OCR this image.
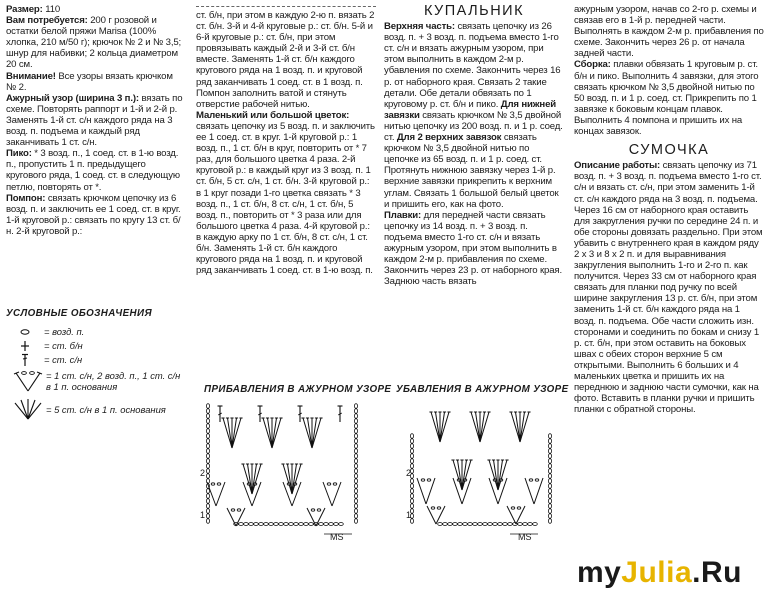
Размер: 110

Вам потребуется: 200 г розовой и остатки белой пряжи Marisa (100% хлопка, 210 м/50 г); крючок № 2 и № 3,5; шнур для набивки; 2 кольца диаметром 20 см.

Внимание! Все узоры вязать крючком № 2.

Ажурный узор (ширина 3 п.): вязать по схеме. Повторять раппорт и 1-й и 2-й р. Заменять 1-й ст. с/н каждого ряда на 3 возд. п. подъема и каждый ряд заканчивать 1 ст. с/н.

Пико: * 3 возд. п., 1 соед. ст. в 1-ю возд. п., пропустить 1 п. предыдущего кругового ряда, 1 соед. ст. в следующую петлю, повторять от *.

Помпон: связать крючком цепочку из 6 возд. п. и заключить ее 1 соед. ст. в круг. 1-й круговой р.: связать по кругу 13 ст. б/н. 2-й круговой р.:

УСЛОВНЫЕ ОБОЗНАЧЕНИЯ
= возд. п.
= ст. б/н
= ст. с/н
= 1 ст. с/н, 2 возд. п., 1 ст. с/н в 1 п. основания
= 5 ст. с/н в 1 п. основания

ст. б/н, при этом в каждую 2-ю п. вязать 2 ст. б/н. 3-й и 4-й круговые р.: ст. б/н. 5-й и 6-й круговые р.: ст. б/н, при этом провязывать каждый 2-й и 3-й ст. б/н вместе. Заменять 1-й ст. б/н каждого кругового ряда на 1 возд. п. и круговой ряд заканчивать 1 соед. ст. в 1 возд. п. Помпон заполнить ватой и стянуть отверстие рабочей нитью.

Маленький или большой цветок: связать цепочку из 5 возд. п. и заключить ее 1 соед. ст. в круг. 1-й круговой р.: 1 возд. п., 1 ст. б/н в круг, повторить от * 7 раз, для большого цветка 4 раза. 2-й круговой р.: в каждый круг из 3 возд. п. 1 ст. б/н, 5 ст. с/н, 1 ст. б/н. 3-й круговой р.: в 1 круг позади 1-го цветка связать * 3 возд. п., 1 ст. б/н, 8 ст. с/н, 1 ст. б/н, 5 возд. п., повторить от * 3 раза или для большого цветка 4 раза. 4-й круговой р.: в каждую арку по 1 ст. б/н, 8 ст. с/н, 1 ст. б/н. Заменять 1-й ст. б/н каждого кругового ряда на 1 возд. п. и круговой ряд заканчивать 1 соед. ст. в 1-ю возд. п.

КУПАЛЬНИК

Верхняя часть: связать цепочку из 26 возд. п. + 3 возд. п. подъема вместо 1-го ст. с/н и вязать ажурным узором, при этом выполнить в каждом 2-м р. убавления по схеме. Закончить через 16 р. от наборного края. Связать 2 такие детали. Обе детали обвязать по 1 круговому р. ст. б/н и пико. Для нижней завязки связать крючком № 3,5 двойной нитью цепочку из 200 возд. п. и 1 р. соед. ст. Для 2 верхних завязок связать крючком № 3,5 двойной нитью по цепочке из 65 возд. п. и 1 р. соед. ст. Протянуть нижнюю завязку через 1-й р. верхние завязки прикрепить к верхним углам. Связать 1 большой белый цветок и пришить его, как на фото.

Плавки: для передней части связать цепочку из 14 возд. п. + 3 возд. п. подъема вместо 1-го ст. с/н и вязать ажурным узором, при этом выполнить в каждом 2-м р. прибавления по схеме. Закончить через 23 р. от наборного края. Заднюю часть вязать

ажурным узором, начав со 2-го р. схемы и связав его в 1-й р. передней части. Выполнять в каждом 2-м р. прибавления по схеме. Закончить через 26 р. от начала задней части.

Сборка: плавки обвязать 1 круговым р. ст. б/н и пико. Выполнить 4 завязки, для этого связать крючком № 3,5 двойной нитью по 50 возд. п. и 1 р. соед. ст. Прикрепить по 1 завязке к боковым концам плавок. Выполнить 4 помпона и пришить их на концах завязок.

СУМОЧКА

Описание работы: связать цепочку из 71 возд. п. + 3 возд. п. подъема вместо 1-го ст. с/н и вязать ст. с/н, при этом заменить 1-й ст. с/н каждого ряда на 3 возд. п. подъема. Через 16 см от наборного края оставить для закругления ручки по середине 24 п. и обе стороны довязать раздельно. При этом убавить с внутреннего края в каждом ряду 2 х 3 и 8 х 2 п. и для выравнивания закругления выполнить 1-го и 2-го п. как получится. Через 33 см от наборного края связать для планки под ручку по всей ширине закругления 13 р. ст. б/н, при этом заменить 1-й ст. б/н каждого ряда на 1 возд. п. подъема. Обе части сложить изн. сторонами и соединить по бокам и снизу 1 р. ст. б/н, при этом оставить на боковых швах с обеих сторон верхние 5 см открытыми. Выполнить 6 больших и 4 маленьких цветка и пришить их на переднюю и заднюю части сумочки, как на фото. Вставить в планки ручки и пришить планки с обратной стороны.

ПРИБАВЛЕНИЯ В АЖУРНОМ УЗОРЕ УБАВЛЕНИЯ В АЖУРНОМ УЗОРЕ
2
1
MS
2
1
MS
myJulia.Ru
